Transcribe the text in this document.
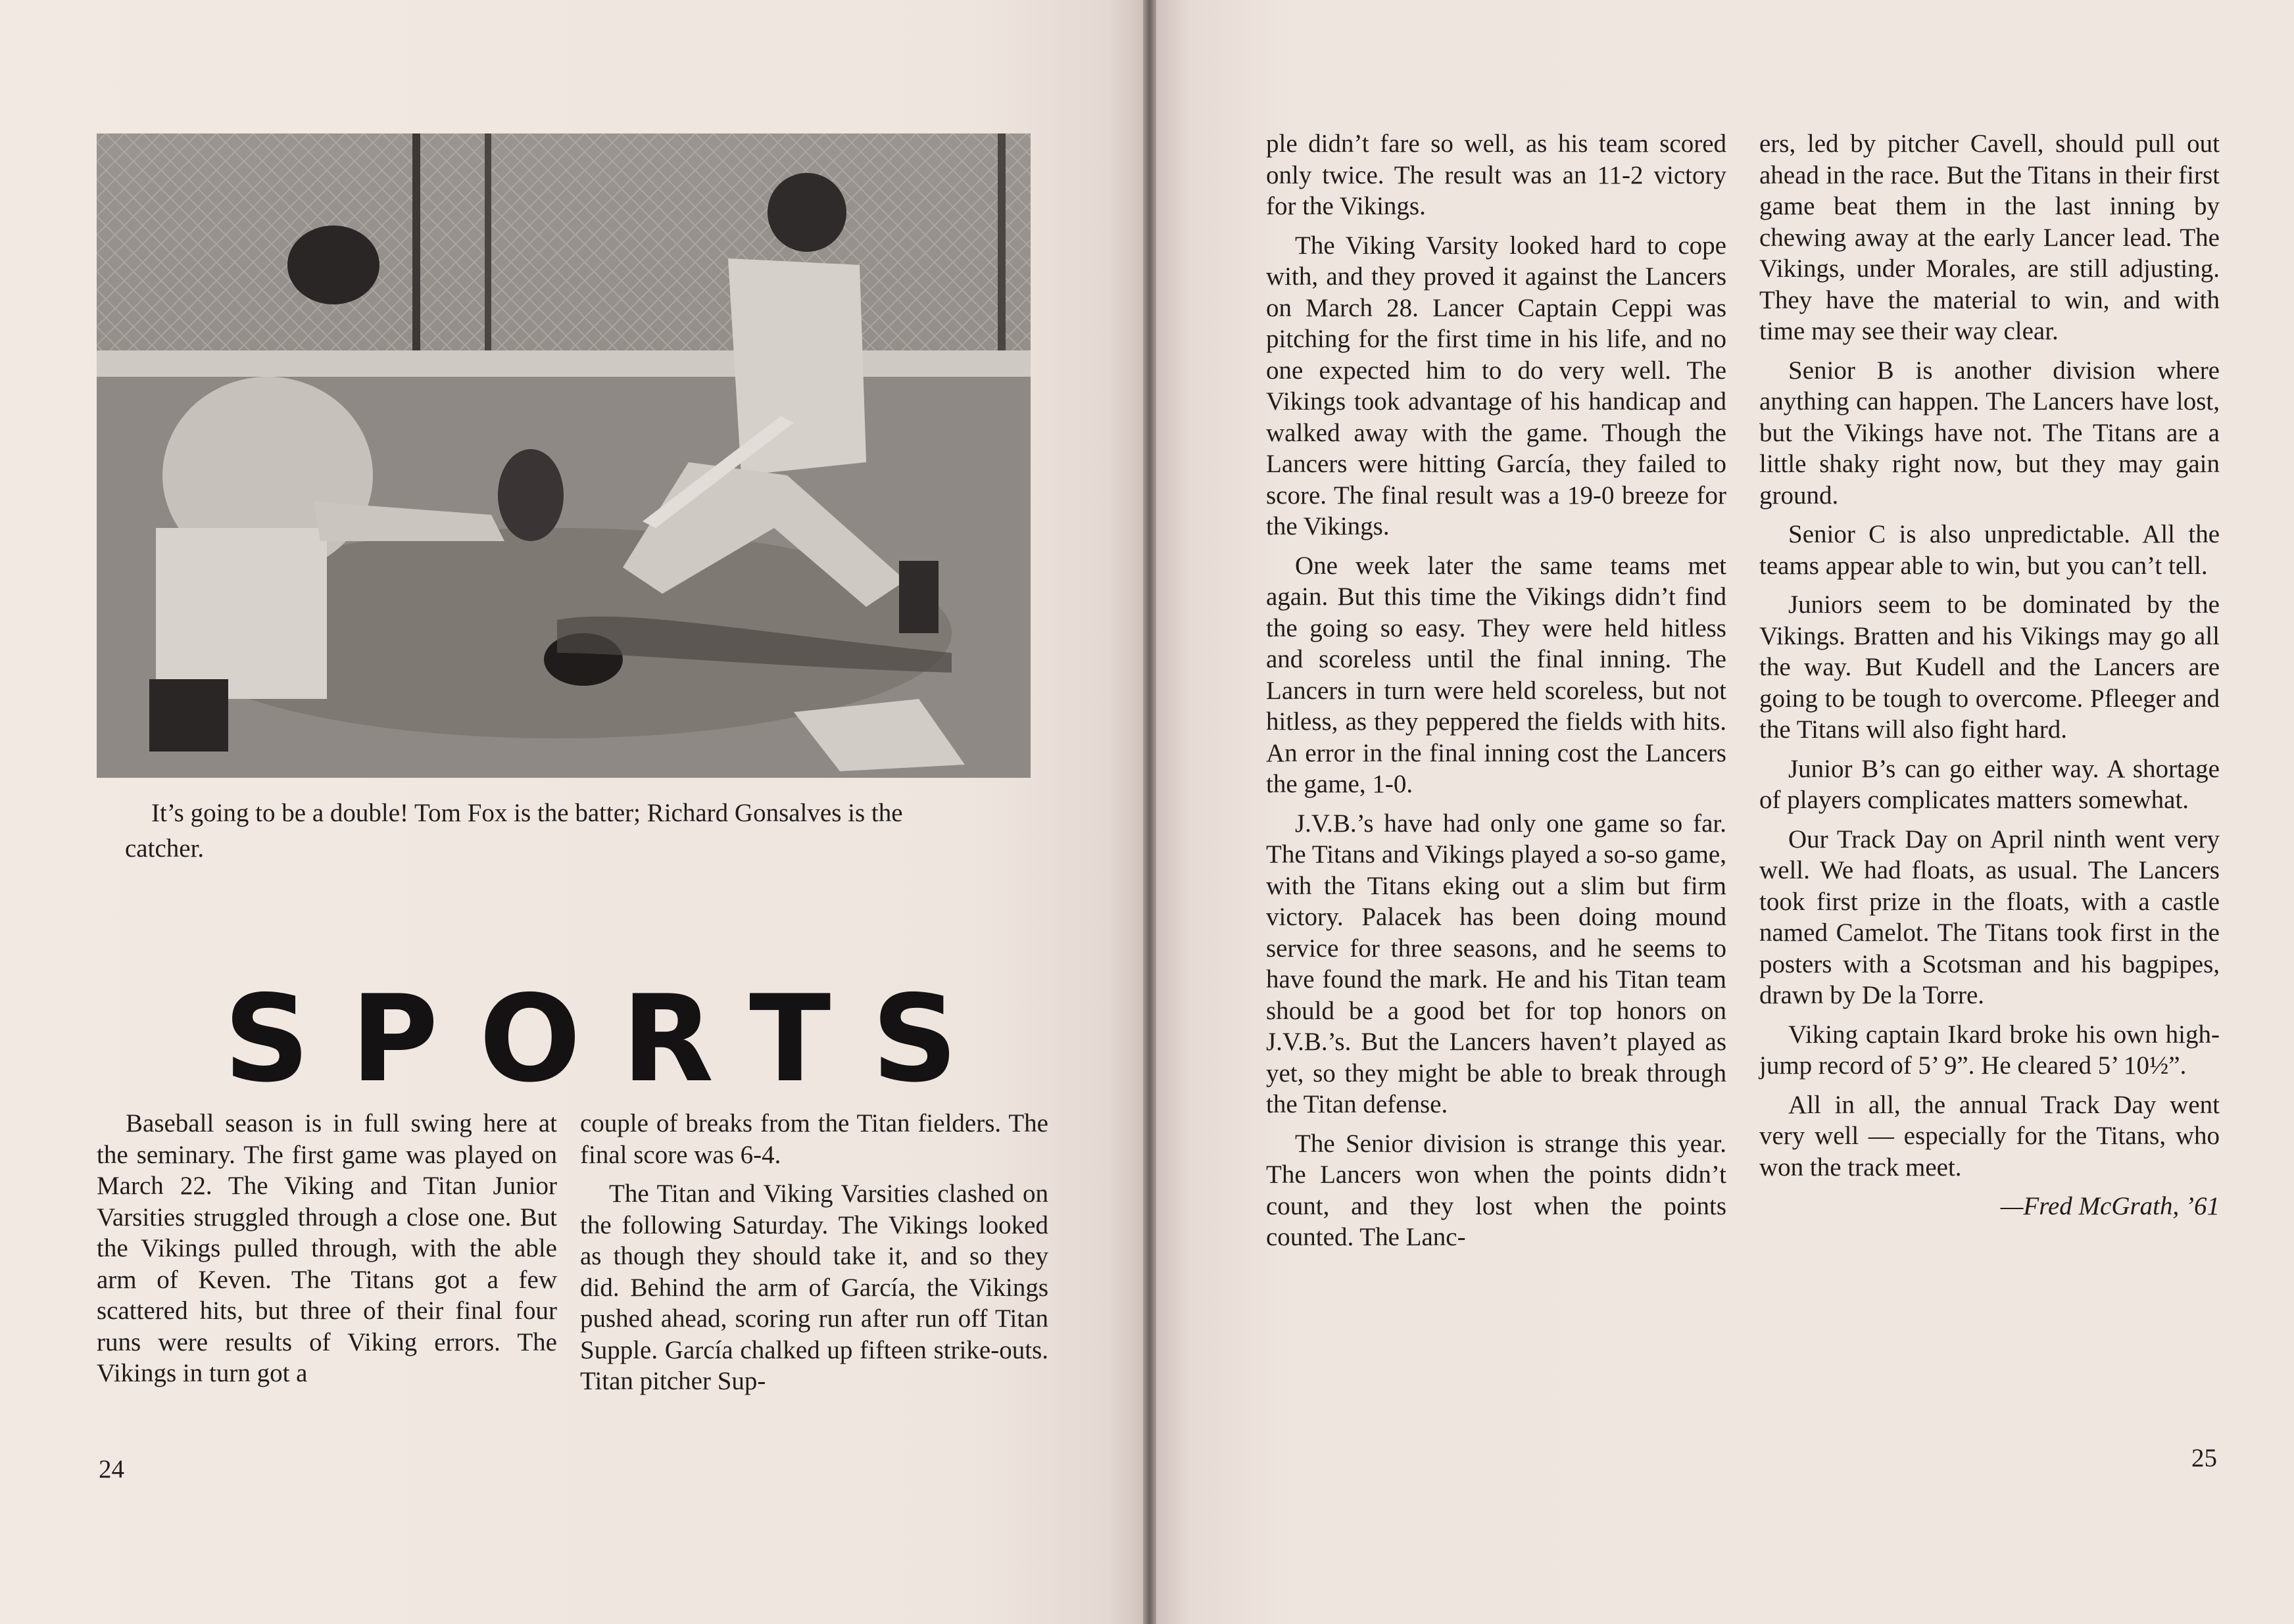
It’s going to be a double! Tom Fox is the batter; Richard Gonsalves is the catcher.
SPORTS

Baseball season is in full swing here at the seminary. The first game was played on March 22. The Viking and Titan Junior Varsities struggled through a close one. But the Vikings pulled through, with the able arm of Keven. The Titans got a few scattered hits, but three of their final four runs were results of Viking errors. The Vikings in turn got a

couple of breaks from the Titan fielders. The final score was 6-4.

The Titan and Viking Varsities clashed on the following Saturday. The Vikings looked as though they should take it, and so they did. Behind the arm of García, the Vikings pushed ahead, scoring run after run off Titan Supple. García chalked up fifteen strike-outs. Titan pitcher Sup-

24

ple didn’t fare so well, as his team scored only twice. The result was an 11-2 victory for the Vikings.

The Viking Varsity looked hard to cope with, and they proved it against the Lancers on March 28. Lancer Captain Ceppi was pitching for the first time in his life, and no one expected him to do very well. The Vikings took advantage of his handicap and walked away with the game. Though the Lancers were hitting García, they failed to score. The final result was a 19-0 breeze for the Vikings.

One week later the same teams met again. But this time the Vikings didn’t find the going so easy. They were held hitless and scoreless until the final inning. The Lancers in turn were held scoreless, but not hitless, as they peppered the fields with hits. An error in the final inning cost the Lancers the game, 1-0.

J.V.B.’s have had only one game so far. The Titans and Vikings played a so-so game, with the Titans eking out a slim but firm victory. Palacek has been doing mound service for three seasons, and he seems to have found the mark. He and his Titan team should be a good bet for top honors on J.V.B.’s. But the Lancers haven’t played as yet, so they might be able to break through the Titan defense.

The Senior division is strange this year. The Lancers won when the points didn’t count, and they lost when the points counted. The Lanc-

ers, led by pitcher Cavell, should pull out ahead in the race. But the Titans in their first game beat them in the last inning by chewing away at the early Lancer lead. The Vikings, under Morales, are still adjusting. They have the material to win, and with time may see their way clear.

Senior B is another division where anything can happen. The Lancers have lost, but the Vikings have not. The Titans are a little shaky right now, but they may gain ground.

Senior C is also unpredictable. All the teams appear able to win, but you can’t tell.

Juniors seem to be dominated by the Vikings. Bratten and his Vikings may go all the way. But Kudell and the Lancers are going to be tough to overcome. Pfleeger and the Titans will also fight hard.

Junior B’s can go either way. A shortage of players complicates matters somewhat.

Our Track Day on April ninth went very well. We had floats, as usual. The Lancers took first prize in the floats, with a castle named Camelot. The Titans took first in the posters with a Scotsman and his bagpipes, drawn by De la Torre.

Viking captain Ikard broke his own high-jump record of 5’ 9”. He cleared 5’ 10½”.

All in all, the annual Track Day went very well — especially for the Titans, who won the track meet.

—Fred McGrath, ’61

25
